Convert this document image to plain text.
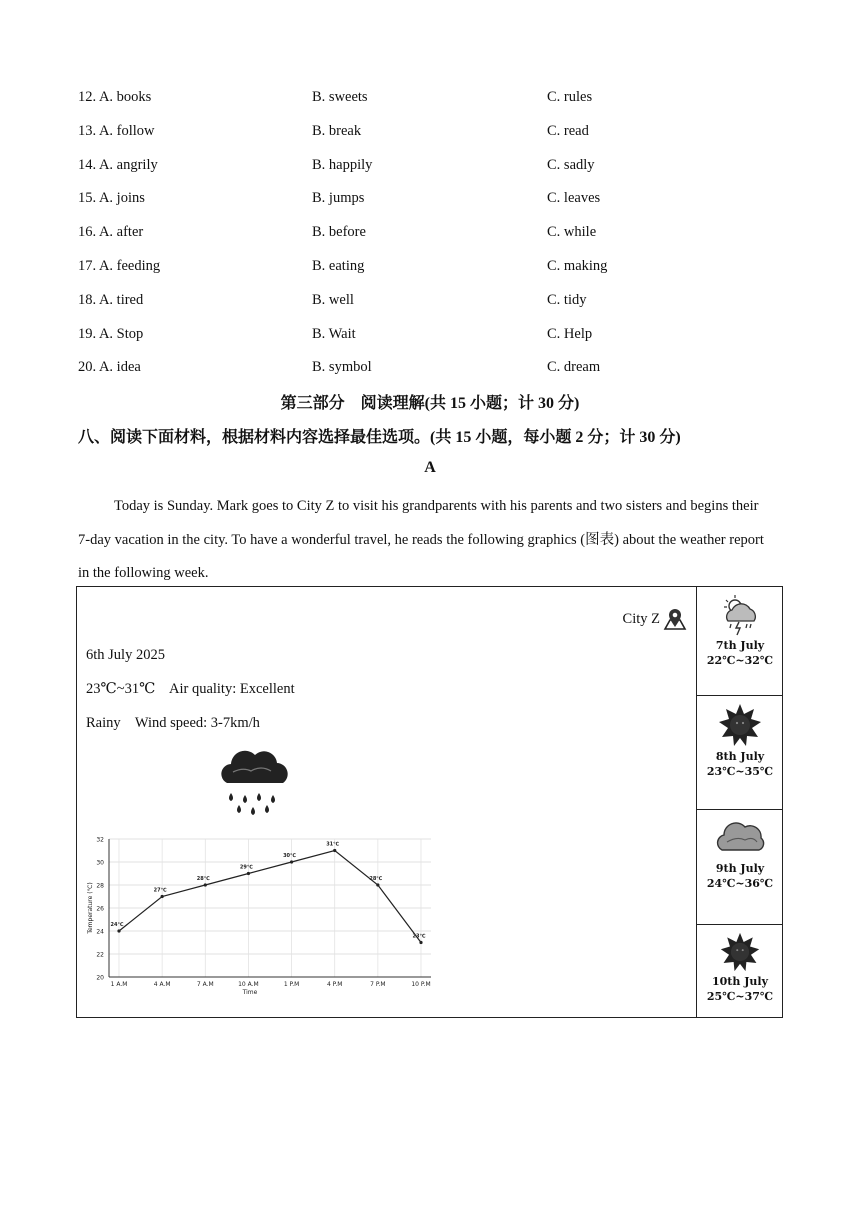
12. A. books	B. sweets	C. rules
13. A. follow	B. break	C. read
14. A. angrily	B. happily	C. sadly
15. A. joins	B. jumps	C. leaves
16. A. after	B. before	C. while
17. A. feeding	B. eating	C. making
18. A. tired	B. well	C. tidy
19. A. Stop	B. Wait	C. Help
20. A. idea	B. symbol	C. dream
第三部分　阅读理解(共 15 小题；计 30 分)
八、阅读下面材料，根据材料内容选择最佳选项。(共 15 小题，每小题 2 分；计 30 分)
A

Today is Sunday. Mark goes to City Z to visit his grandparents with his parents and two sisters and begins their 7-day vacation in the city. To have a wonderful travel, he reads the following graphics (图表) about the weather report in the following week.

City Z
6th July 2025
23℃~31℃    Air quality: Excellent
Rainy    Wind speed: 3-7km/h
20
22
24
26
28
30
32
1 A.M	4 A.M	7 A.M	10 A.M	1 P.M	4 P.M	7 P.M	10 P.M
24℃
27℃
28℃
29℃
30℃
31℃
28℃
23℃
Time
Temperature (℃)
7th July
22℃~32℃
8th July
23℃~35℃
9th July
24℃~36℃
10th July
25℃~37℃
